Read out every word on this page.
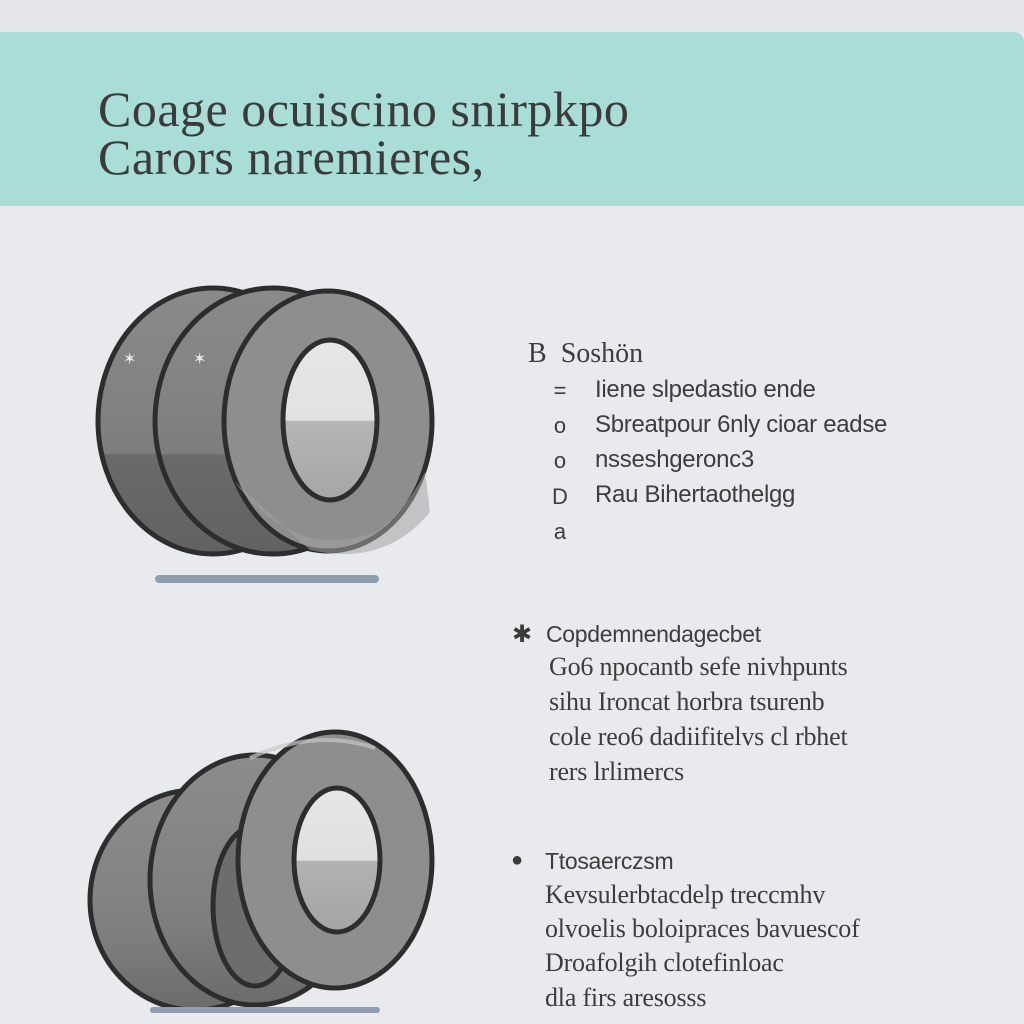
Coage ocuiscino snirpkpo
Carors naremieres,
✶	✶	B Soshön
= Iiene slpedastio ende
o Sbreatpour 6nly cioar eadse
o nsseshgeronc3
D Rau Bihertaothelgg
a
✱ Copdemnendagecbet
Go6 npocantb sefe nivhpunts
sihu Ironcat horbra tsurenb
cole reo6 dadiifitelvs cl rbhet
rers lrlimercs
● Ttosaerczsm
Kevsulerbtacdelp treccmhv
olvoelis boloipraces bavuescof
Droafolgih clotefinloac
dla firs aresosss
